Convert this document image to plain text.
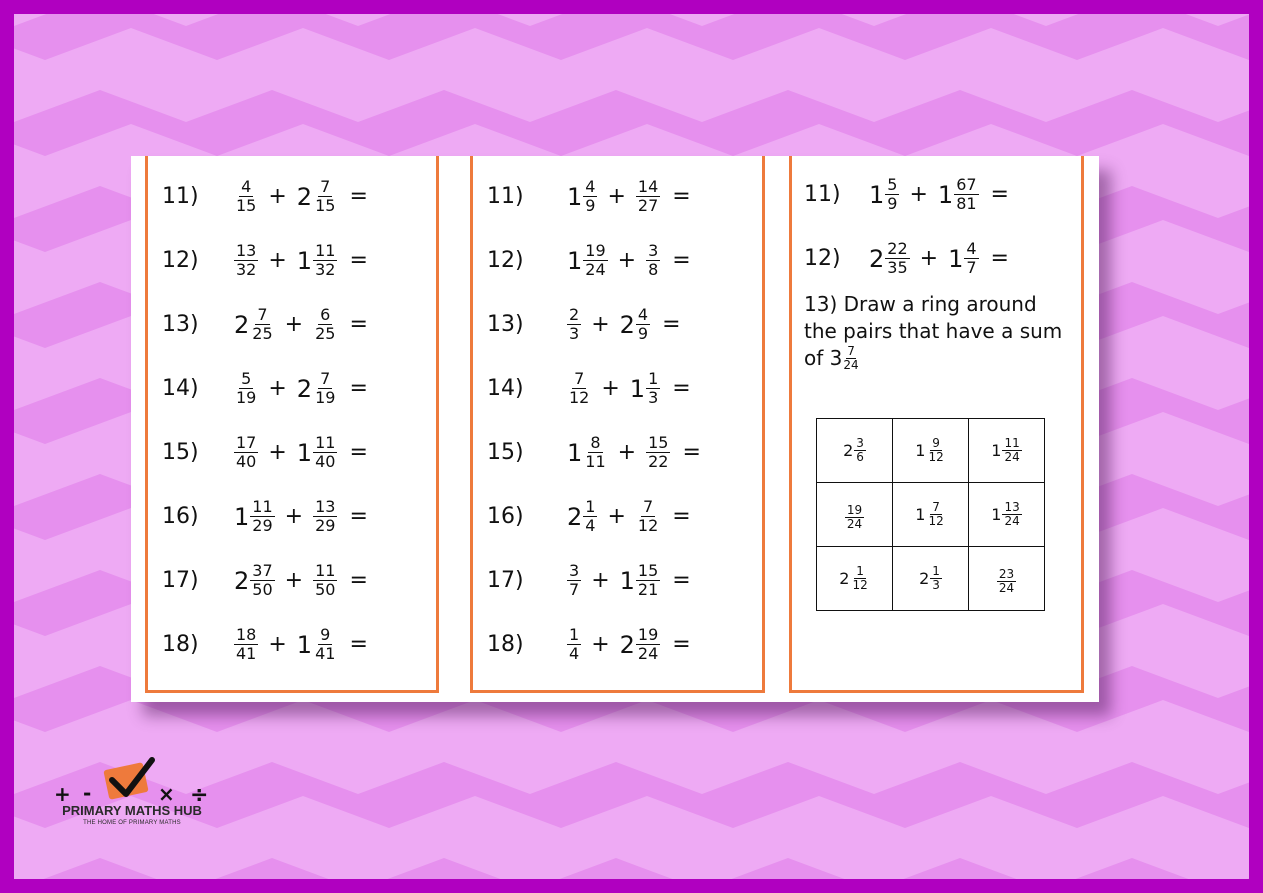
11)	$\frac{4}{15} + 2 \frac{7}{15}$ =
12)	$\frac{13}{32} + 1 \frac{11}{32}$ =
13)	$2 \frac{7}{25} + \frac{6}{25}$ =
14)	$\frac{5}{19} + 2 \frac{7}{19}$ =
15)	$\frac{17}{40} + 1 \frac{11}{40}$ =
16)	$1 \frac{11}{29} + \frac{13}{29}$ =
17)	$2 \frac{37}{50} + \frac{11}{50}$ =
18)	$\frac{18}{41} + 1 \frac{9}{41}$ =
11)	$1 \frac{4}{9} + \frac{14}{27}$ =
12)	$1 \frac{19}{24} + \frac{3}{8}$ =
13)	$\frac{2}{3} + 2 \frac{4}{9}$ =
14)	$\frac{7}{12} + 1 \frac{1}{3}$ =
15)	$1 \frac{8}{11} + \frac{15}{22}$ =
16)	$2 \frac{1}{4} + \frac{7}{12}$ =
17)	$\frac{3}{7} + 1 \frac{15}{21}$ =
18)	$\frac{1}{4} + 2 \frac{19}{24}$ =
13) Draw a ring around the pairs that have a sum of $3 \frac{7}{24}$
$2 \frac{3}{6}$	$1 \frac{9}{12}$	$1 \frac{11}{24}$

$\frac{19}{24}$	$1 \frac{7}{12}$	$1 \frac{13}{24}$

$2 \frac{1}{12}$	$2 \frac{1}{3}$	$\frac{23}{24}$
11)	$1 \frac{5}{9} + 1 \frac{67}{81}$ =
12)	$2 \frac{22}{35} + 1 \frac{4}{7}$ =
+ -	× ÷
PRIMARY MATHS HUB
THE HOME OF PRIMARY MATHS
